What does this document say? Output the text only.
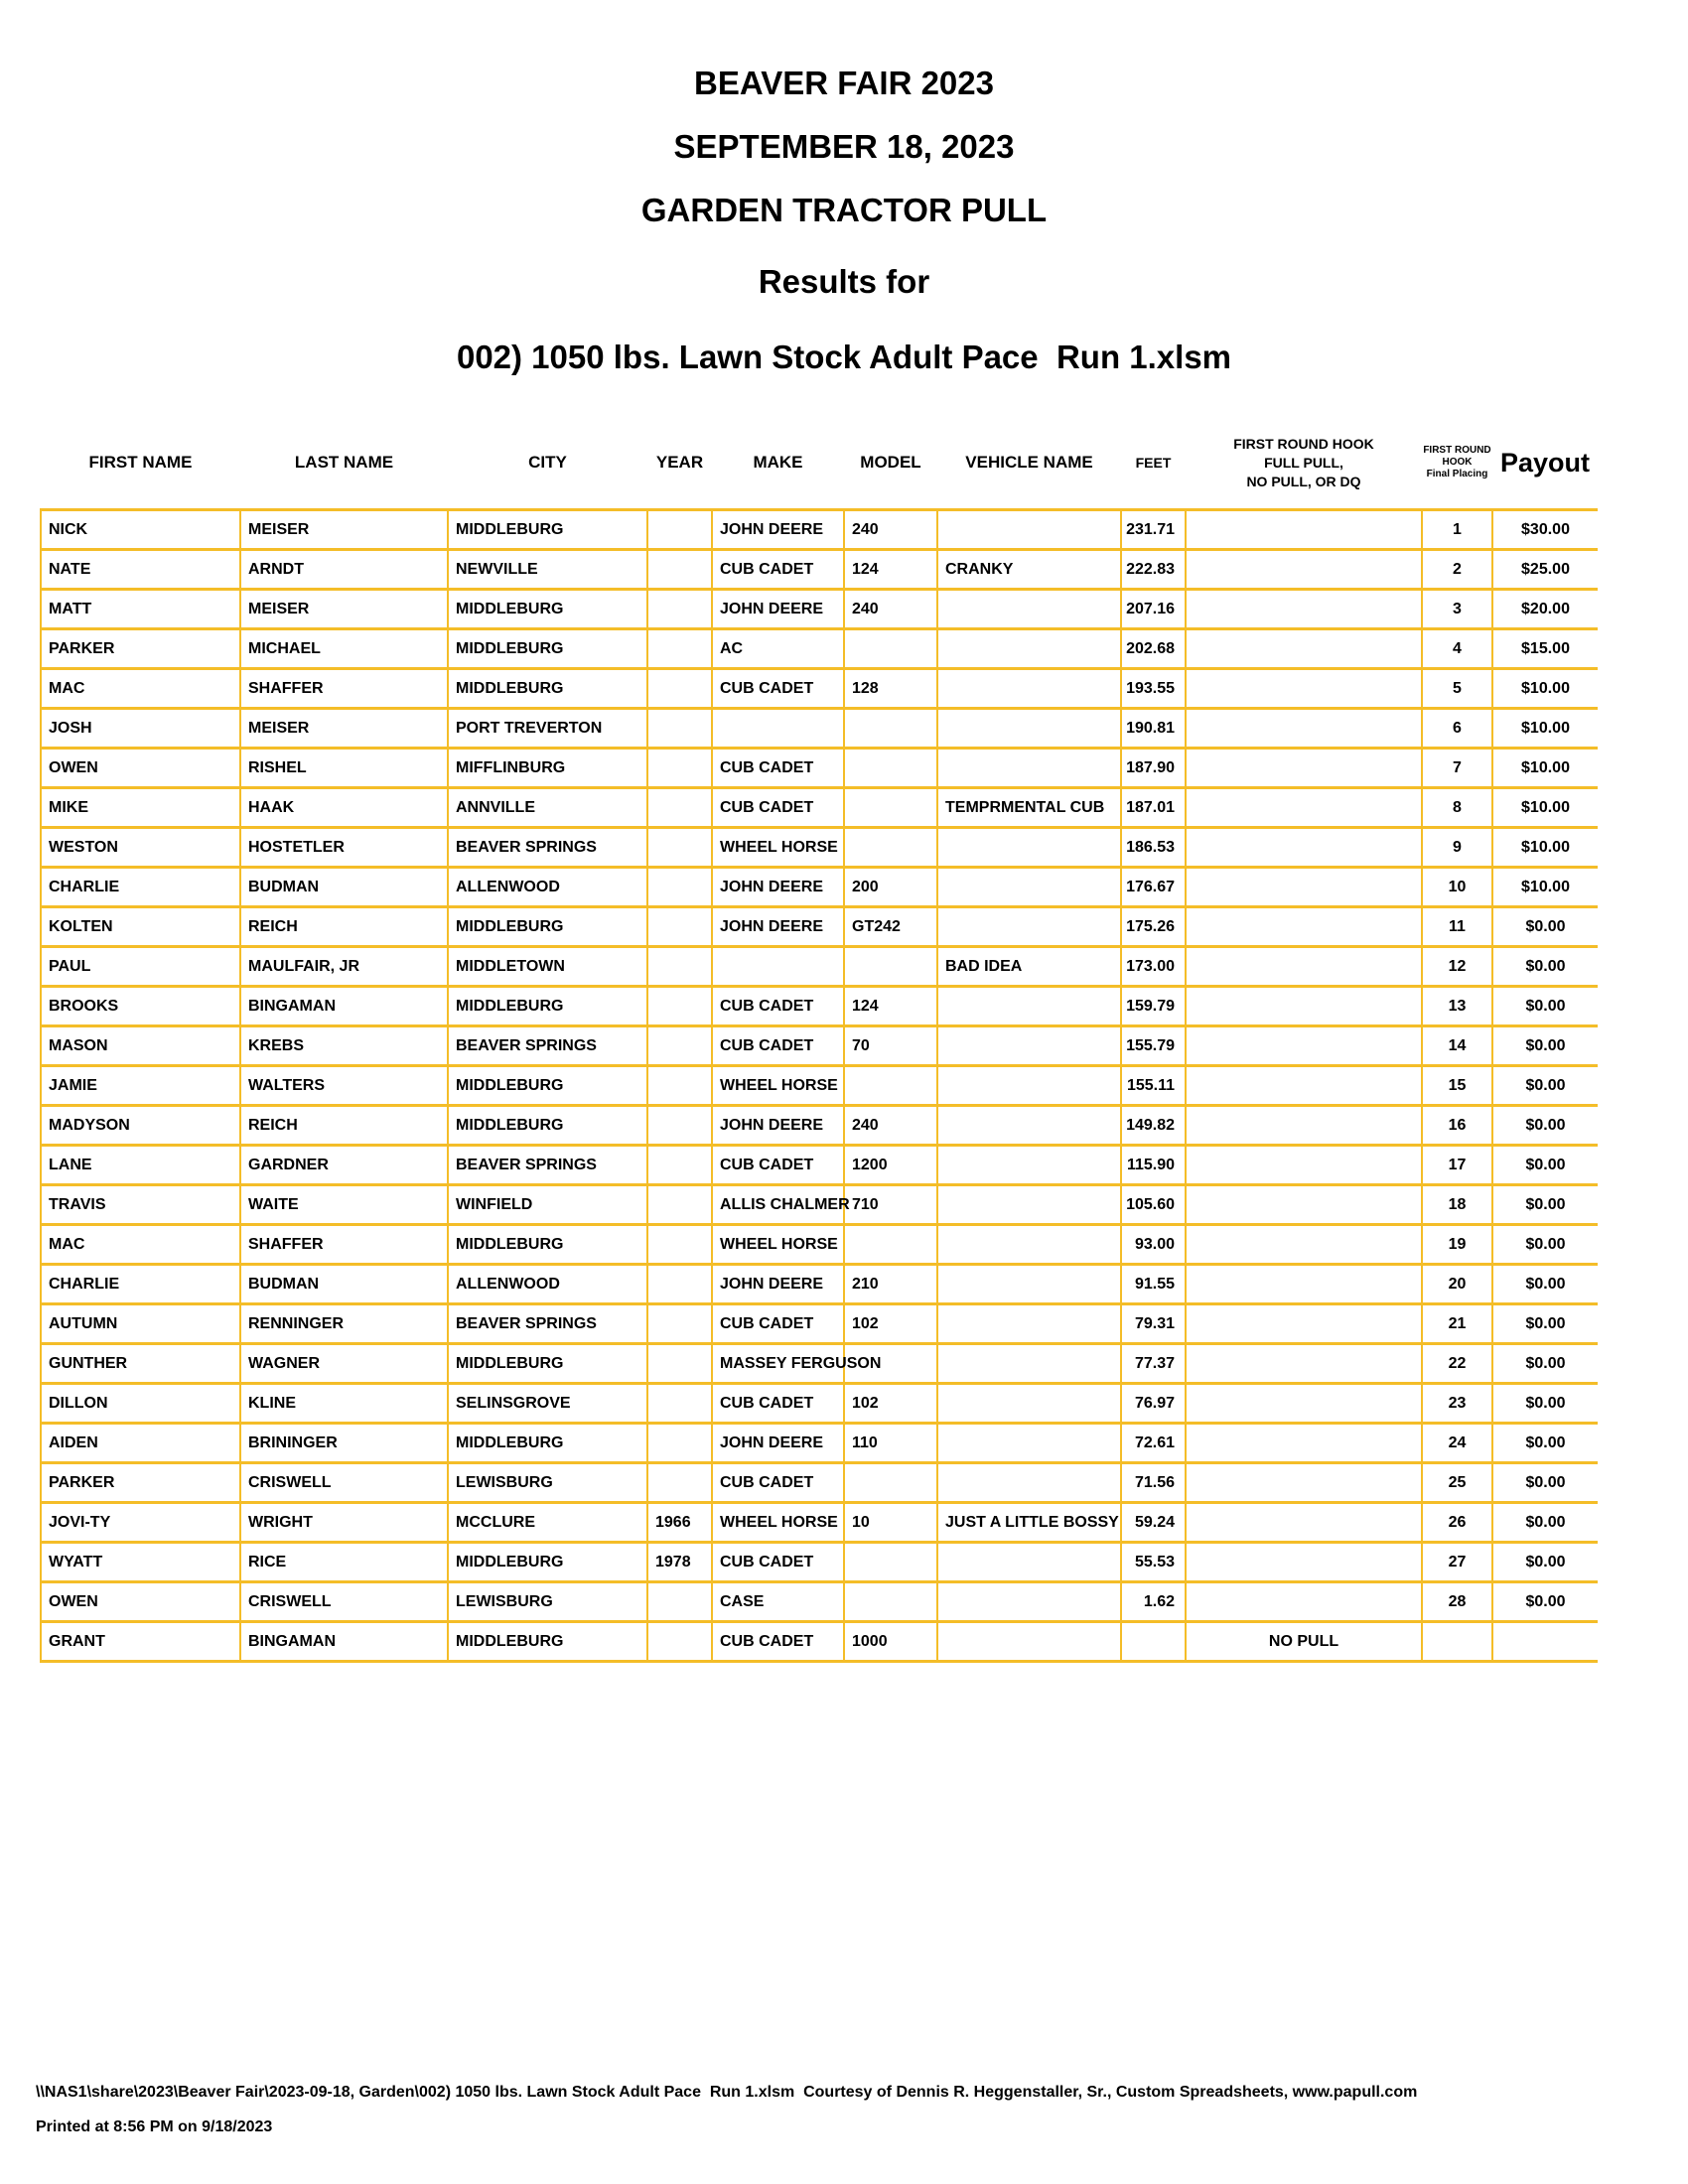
BEAVER FAIR 2023
SEPTEMBER 18, 2023
GARDEN TRACTOR PULL
Results for
002) 1050 lbs. Lawn Stock Adult Pace  Run 1.xlsm
FIRST NAME	LAST NAME	CITY	YEAR	MAKE	MODEL	VEHICLE NAME	FEET	FIRST ROUND HOOK
FULL PULL,
NO PULL, OR DQ	FIRST ROUND
HOOK
Final Placing	Payout
NICK	MEISER	MIDDLEBURG		JOHN DEERE	240		231.71		1	$30.00
NATE	ARNDT	NEWVILLE		CUB CADET	124	CRANKY	222.83		2	$25.00
MATT	MEISER	MIDDLEBURG		JOHN DEERE	240		207.16		3	$20.00
PARKER	MICHAEL	MIDDLEBURG		AC			202.68		4	$15.00
MAC	SHAFFER	MIDDLEBURG		CUB CADET	128		193.55		5	$10.00
JOSH	MEISER	PORT TREVERTON					190.81		6	$10.00
OWEN	RISHEL	MIFFLINBURG		CUB CADET			187.90		7	$10.00
MIKE	HAAK	ANNVILLE		CUB CADET		TEMPRMENTAL CUB	187.01		8	$10.00
WESTON	HOSTETLER	BEAVER SPRINGS		WHEEL HORSE			186.53		9	$10.00
CHARLIE	BUDMAN	ALLENWOOD		JOHN DEERE	200		176.67		10	$10.00
KOLTEN	REICH	MIDDLEBURG		JOHN DEERE	GT242		175.26		11	$0.00
PAUL	MAULFAIR, JR	MIDDLETOWN				BAD IDEA	173.00		12	$0.00
BROOKS	BINGAMAN	MIDDLEBURG		CUB CADET	124		159.79		13	$0.00
MASON	KREBS	BEAVER SPRINGS		CUB CADET	70		155.79		14	$0.00
JAMIE	WALTERS	MIDDLEBURG		WHEEL HORSE			155.11		15	$0.00
MADYSON	REICH	MIDDLEBURG		JOHN DEERE	240		149.82		16	$0.00
LANE	GARDNER	BEAVER SPRINGS		CUB CADET	1200		115.90		17	$0.00
TRAVIS	WAITE	WINFIELD		ALLIS CHALMER	710		105.60		18	$0.00
MAC	SHAFFER	MIDDLEBURG		WHEEL HORSE			93.00		19	$0.00
CHARLIE	BUDMAN	ALLENWOOD		JOHN DEERE	210		91.55		20	$0.00
AUTUMN	RENNINGER	BEAVER SPRINGS		CUB CADET	102		79.31		21	$0.00
GUNTHER	WAGNER	MIDDLEBURG		MASSEY FERGUSON			77.37		22	$0.00
DILLON	KLINE	SELINSGROVE		CUB CADET	102		76.97		23	$0.00
AIDEN	BRININGER	MIDDLEBURG		JOHN DEERE	110		72.61		24	$0.00
PARKER	CRISWELL	LEWISBURG		CUB CADET			71.56		25	$0.00
JOVI-TY	WRIGHT	MCCLURE	1966	WHEEL HORSE	10	JUST A LITTLE BOSSY	59.24		26	$0.00
WYATT	RICE	MIDDLEBURG	1978	CUB CADET			55.53		27	$0.00
OWEN	CRISWELL	LEWISBURG		CASE			1.62		28	$0.00
GRANT	BINGAMAN	MIDDLEBURG		CUB CADET	1000			NO PULL		
\\NAS1\share\2023\Beaver Fair\2023-09-18, Garden\002) 1050 lbs. Lawn Stock Adult Pace  Run 1.xlsm  Courtesy of Dennis R. Heggenstaller, Sr., Custom Spreadsheets, www.papull.com
Printed at 8:56 PM on 9/18/2023
